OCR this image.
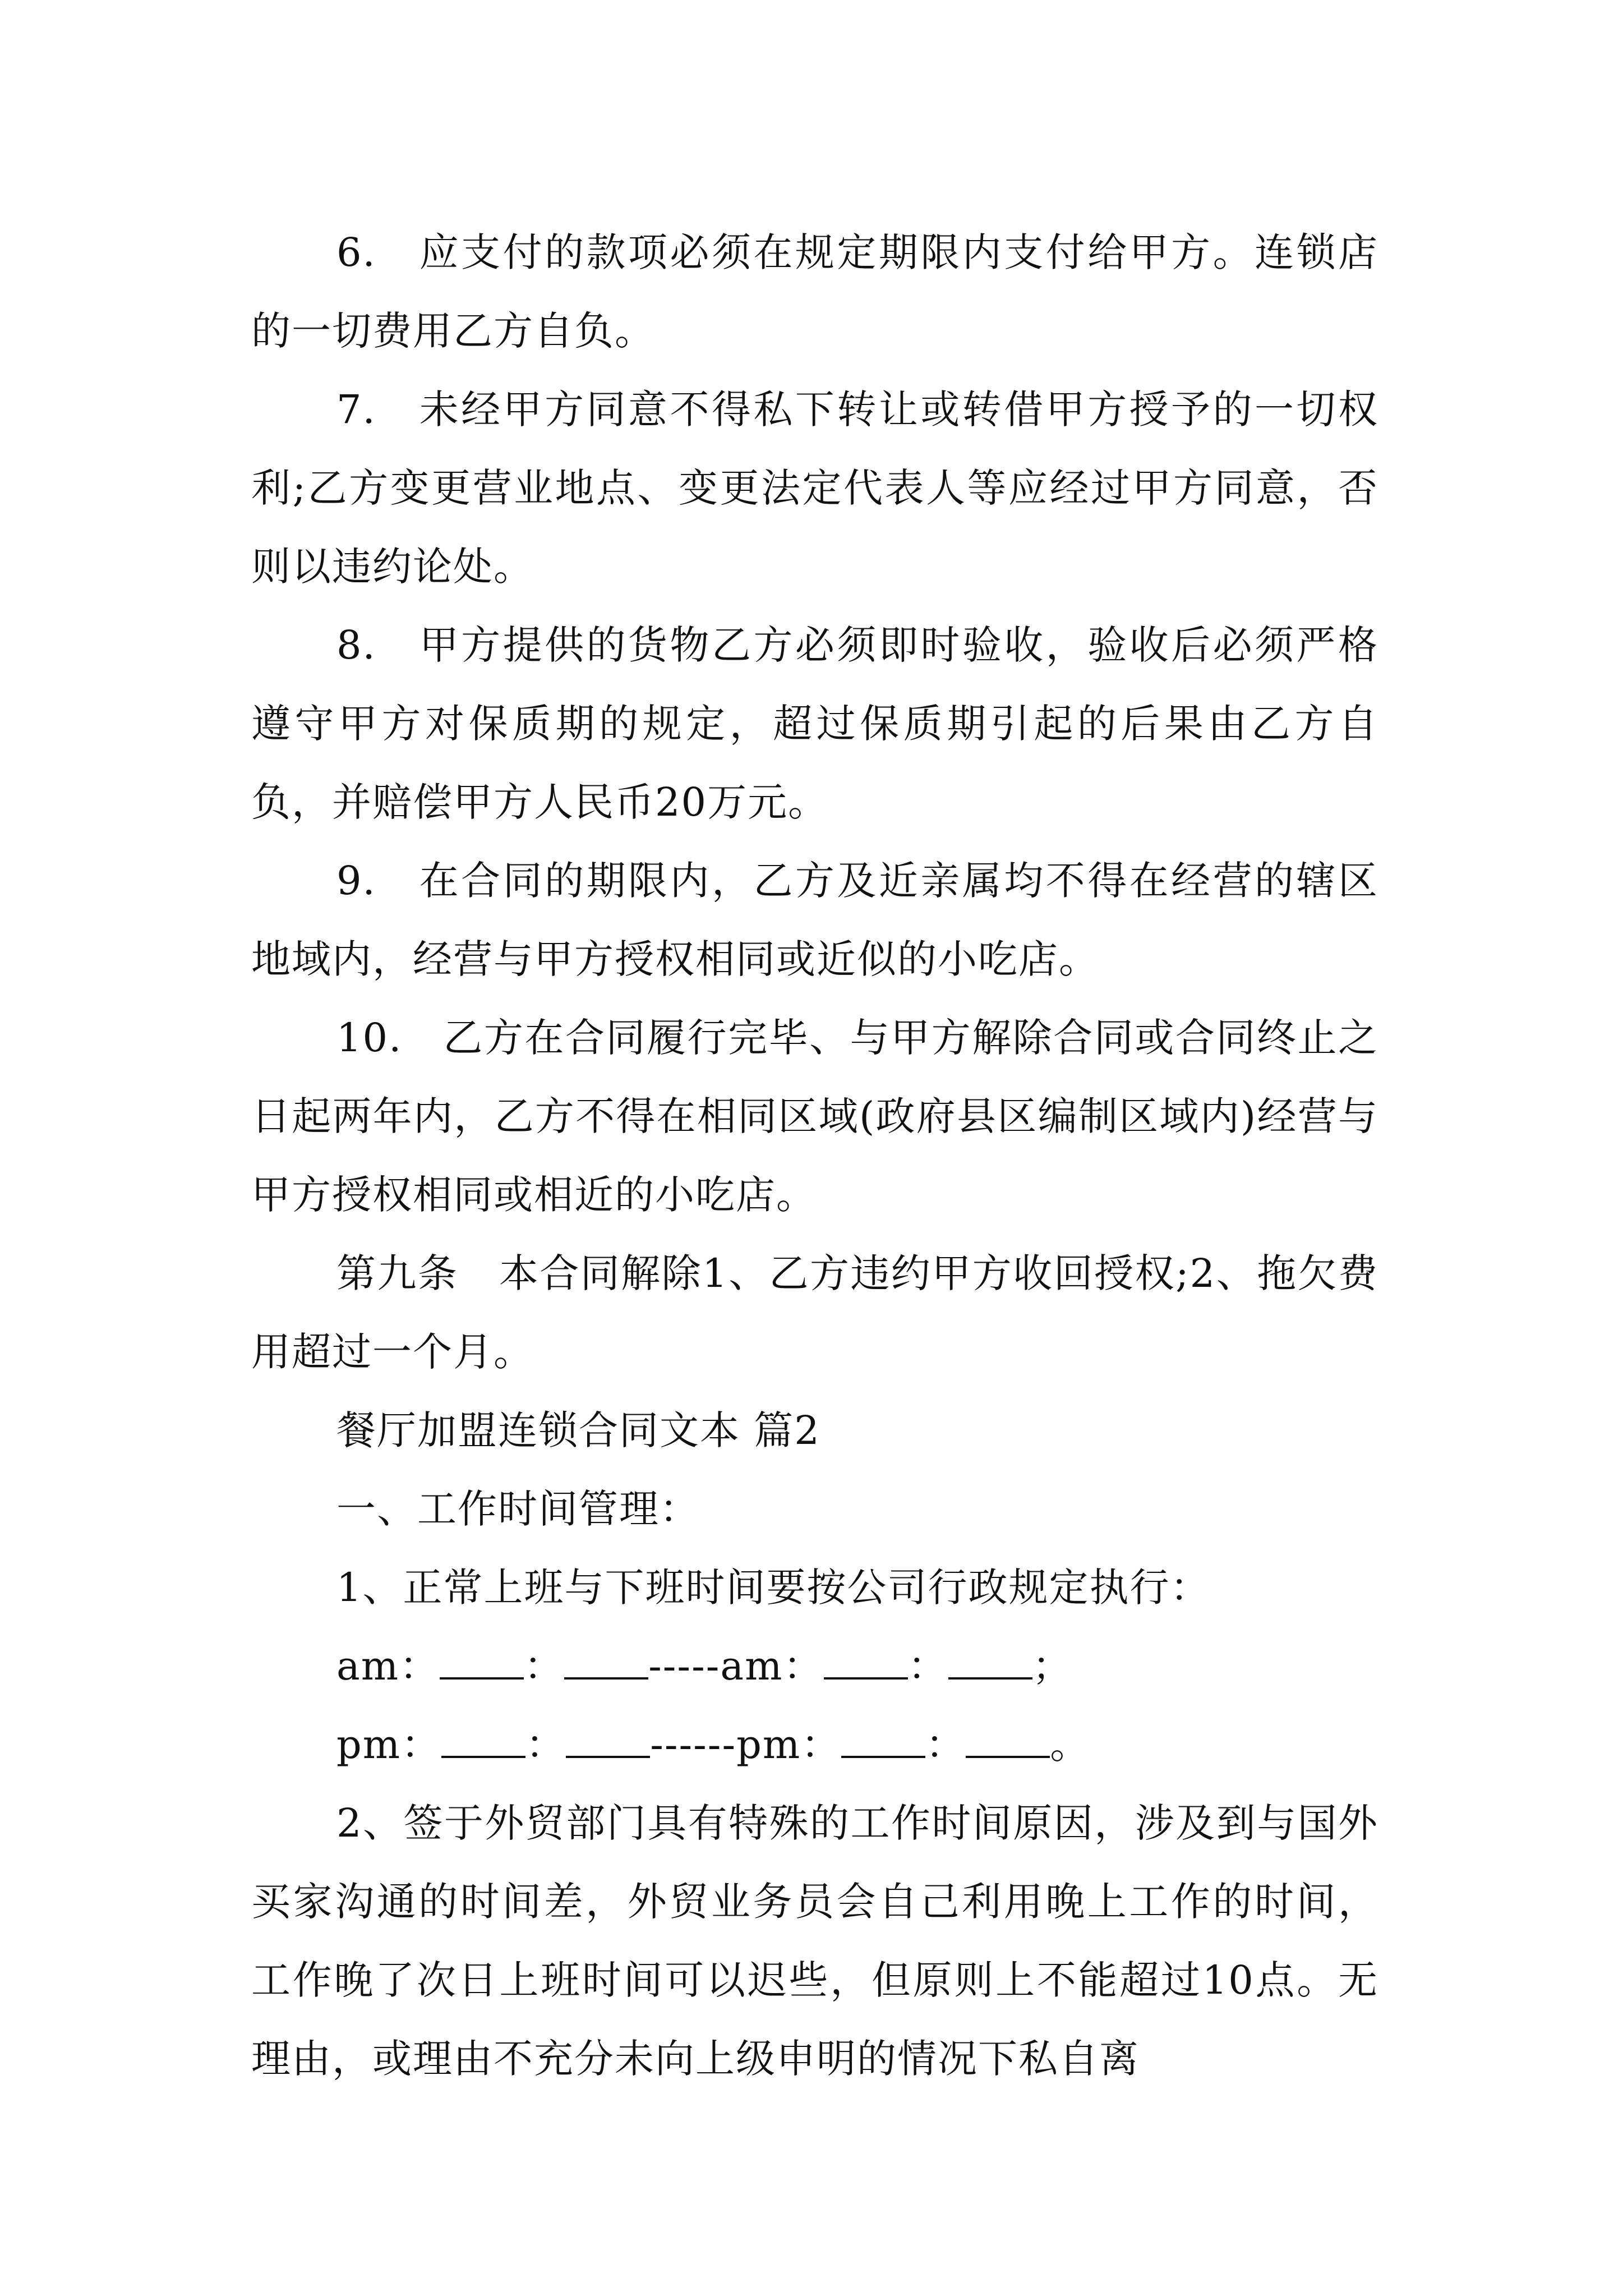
6.　应支付的款项必须在规定期限内支付给甲方。连锁店的一切费用乙方自负。

7.　未经甲方同意不得私下转让或转借甲方授予的一切权利;乙方变更营业地点、变更法定代表人等应经过甲方同意，否则以违约论处。

8.　甲方提供的货物乙方必须即时验收，验收后必须严格遵守甲方对保质期的规定，超过保质期引起的后果由乙方自负，并赔偿甲方人民币20万元。

9.　在合同的期限内，乙方及近亲属均不得在经营的辖区地域内，经营与甲方授权相同或近似的小吃店。

10.　乙方在合同履行完毕、与甲方解除合同或合同终止之日起两年内，乙方不得在相同区域(政府县区编制区域内)经营与甲方授权相同或相近的小吃店。

第九条　本合同解除1、乙方违约甲方收回授权;2、拖欠费用超过一个月。

餐厅加盟连锁合同文本 篇2

一、工作时间管理：

1、正常上班与下班时间要按公司行政规定执行：

am： ： -----am： ： ；

pm： ： ------pm： ： 。

2、签于外贸部门具有特殊的工作时间原因，涉及到与国外买家沟通的时间差，外贸业务员会自己利用晚上工作的时间，工作晚了次日上班时间可以迟些，但原则上不能超过10点。无理由，或理由不充分未向上级申明的情况下私自离
